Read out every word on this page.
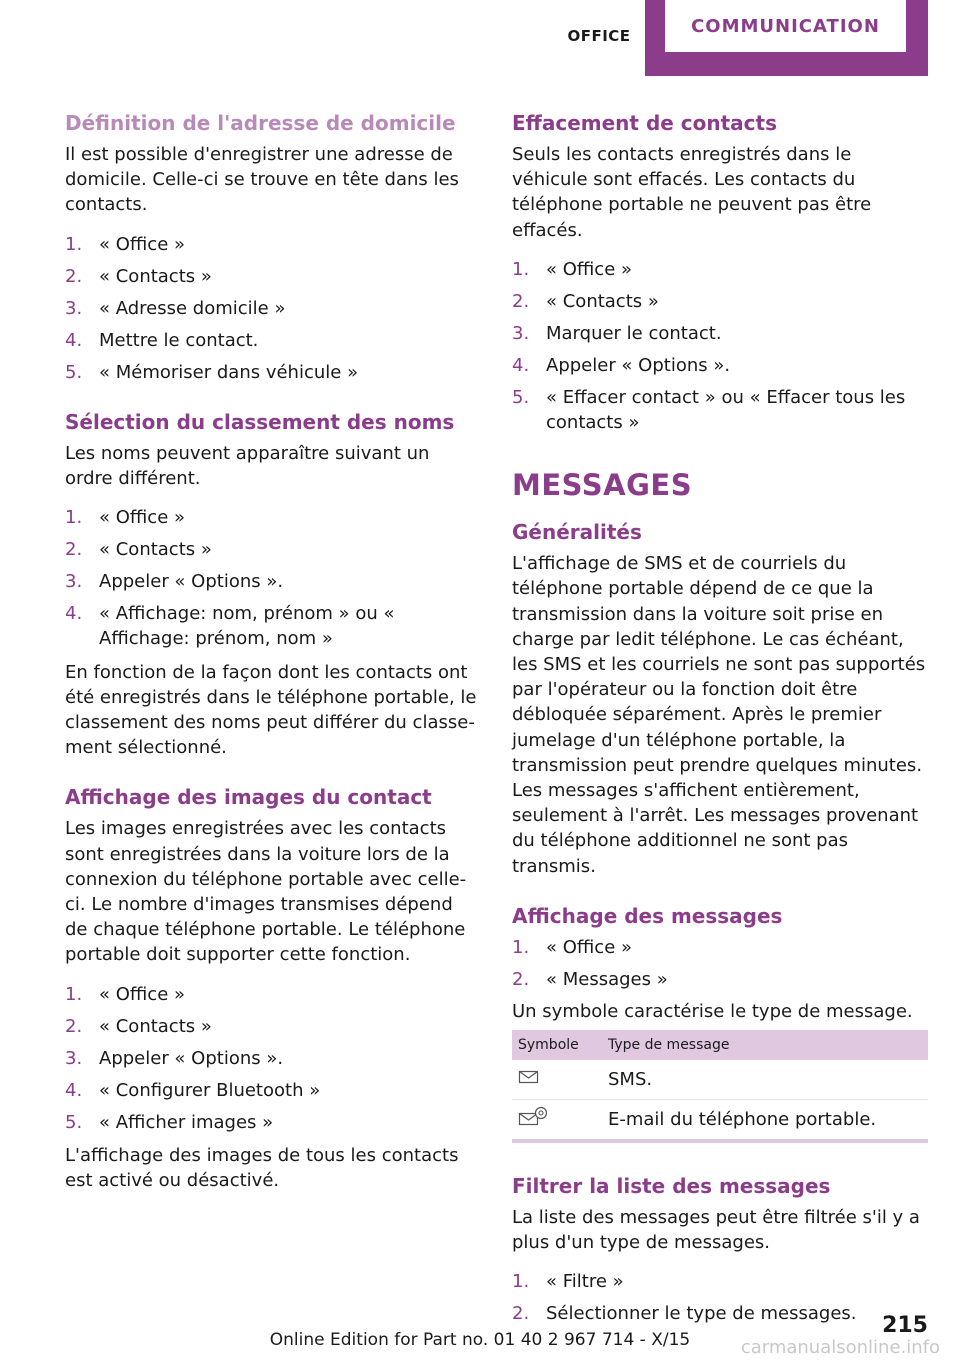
OFFICE	COMMUNICATION
Définition de l'adresse de domicile

Il est possible d'enregistrer une adresse de domicile. Celle-ci se trouve en tête dans les contacts.

1. « Office »
2. « Contacts »
3. « Adresse domicile »
4. Mettre le contact.
5. « Mémoriser dans véhicule »
Sélection du classement des noms

Les noms peuvent apparaître suivant un ordre différent.

1. « Office »
2. « Contacts »
3. Appeler « Options ».
4. « Affichage: nom, prénom » ou « Affichage: prénom, nom »

En fonction de la façon dont les contacts ont été enregistrés dans le téléphone portable, le classement des noms peut différer du classement sélectionné.

Affichage des images du contact

Les images enregistrées avec les contacts sont enregistrées dans la voiture lors de la connexion du téléphone portable avec celle-ci. Le nombre d'images transmises dépend de chaque téléphone portable. Le téléphone portable doit supporter cette fonction.

1. « Office »
2. « Contacts »
3. Appeler « Options ».
4. « Configurer Bluetooth »
5. « Afficher images »

L'affichage des images de tous les contacts est activé ou désactivé.

Effacement de contacts

Seuls les contacts enregistrés dans le véhicule sont effacés. Les contacts du téléphone portable ne peuvent pas être effacés.

1. « Office »
2. « Contacts »
3. Marquer le contact.
4. Appeler « Options ».
5. « Effacer contact » ou « Effacer tous les contacts »
MESSAGES
Généralités

L'affichage de SMS et de courriels du téléphone portable dépend de ce que la transmission dans la voiture soit prise en charge par ledit téléphone. Le cas échéant, les SMS et les courriels ne sont pas supportés par l'opérateur ou la fonction doit être débloquée séparément. Après le premier jumelage d'un téléphone portable, la transmission peut prendre quelques minutes. Les messages s'affichent entièrement, seulement à l'arrêt. Les messages provenant du téléphone additionnel ne sont pas transmis.

Affichage des messages
1. « Office »
2. « Messages »

Un symbole caractérise le type de message.

Symbole	Type de message
	SMS.
	E-mail du téléphone portable.
Filtrer la liste des messages

La liste des messages peut être filtrée s'il y a plus d'un type de messages.

1. « Filtre »
2. Sélectionner le type de messages.	215
Online Edition for Part no. 01 40 2 967 714 - X/15	carmanualsonline.info
